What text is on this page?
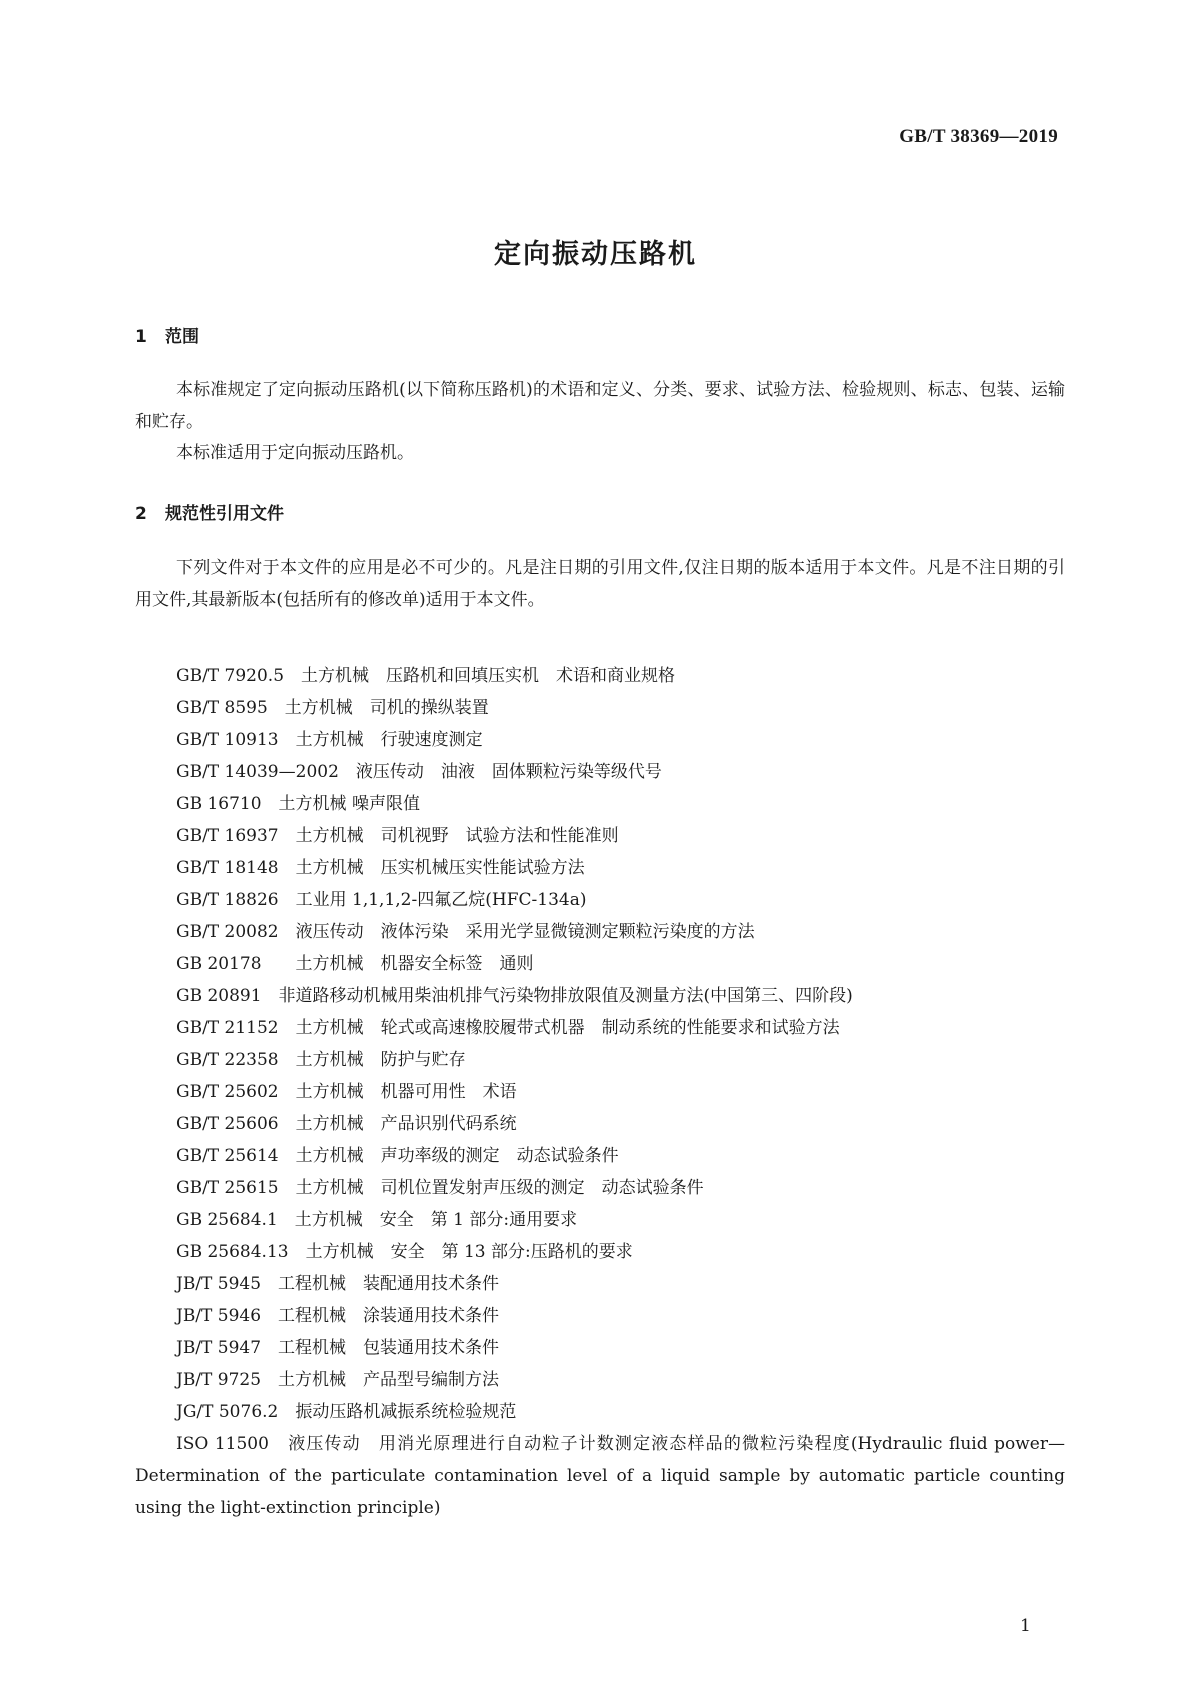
GB/T 38369—2019
定向振动压路机
1 范围
本标准规定了定向振动压路机(以下简称压路机)的术语和定义、分类、要求、试验方法、检验规则、标志、包装、运输和贮存。
本标准适用于定向振动压路机。
2 规范性引用文件
下列文件对于本文件的应用是必不可少的。凡是注日期的引用文件,仅注日期的版本适用于本文件。凡是不注日期的引用文件,其最新版本(包括所有的修改单)适用于本文件。
GB/T 7920.5　土方机械　压路机和回填压实机　术语和商业规格
GB/T 8595　土方机械　司机的操纵装置
GB/T 10913　土方机械　行驶速度测定
GB/T 14039—2002　液压传动　油液　固体颗粒污染等级代号
GB 16710　土方机械 噪声限值
GB/T 16937　土方机械　司机视野　试验方法和性能准则
GB/T 18148　土方机械　压实机械压实性能试验方法
GB/T 18826　工业用 1,1,1,2-四氟乙烷(HFC-134a)
GB/T 20082　液压传动　液体污染　采用光学显微镜测定颗粒污染度的方法
GB 20178　　土方机械　机器安全标签　通则
GB 20891　非道路移动机械用柴油机排气污染物排放限值及测量方法(中国第三、四阶段)
GB/T 21152　土方机械　轮式或高速橡胶履带式机器　制动系统的性能要求和试验方法
GB/T 22358　土方机械　防护与贮存
GB/T 25602　土方机械　机器可用性　术语
GB/T 25606　土方机械　产品识别代码系统
GB/T 25614　土方机械　声功率级的测定　动态试验条件
GB/T 25615　土方机械　司机位置发射声压级的测定　动态试验条件
GB 25684.1　土方机械　安全　第 1 部分:通用要求
GB 25684.13　土方机械　安全　第 13 部分:压路机的要求
JB/T 5945　工程机械　装配通用技术条件
JB/T 5946　工程机械　涂装通用技术条件
JB/T 5947　工程机械　包装通用技术条件
JB/T 9725　土方机械　产品型号编制方法
JG/T 5076.2　振动压路机减振系统检验规范
ISO 11500　液压传动　用消光原理进行自动粒子计数测定液态样品的微粒污染程度(Hydraulic fluid power—Determination of the particulate contamination level of a liquid sample by automatic particle counting using the light-extinction principle)
1
